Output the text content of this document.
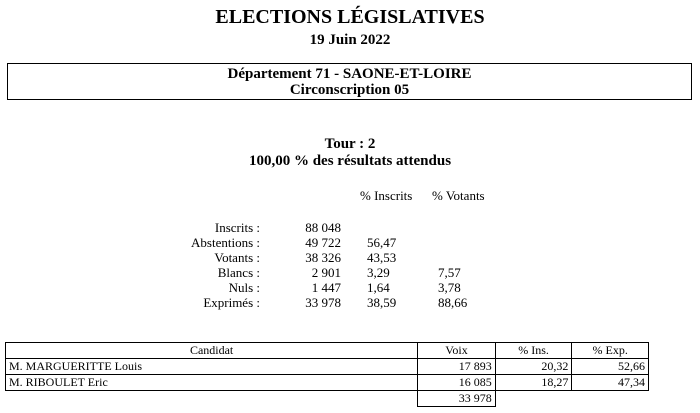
ELECTIONS LÉGISLATIVES
19 Juin 2022
Département 71 - SAONE-ET-LOIRE
Circonscription 05
Tour : 2
100,00 % des résultats attendus
% Inscrits % Votants
Inscrits :	88 048
Abstentions :	49 722 56,47
Votants :	38 326 43,53
Blancs :	2 901 3,29	7,57
Nuls :	1 447 1,64	3,78
Exprimés :	33 978 38,59	88,66
Candidat	Voix	% Ins.	% Exp.
M. MARGUERITTE Louis	17 893	20,32	52,66
M. RIBOULET Eric	16 085	18,27	47,34
	33 978		
